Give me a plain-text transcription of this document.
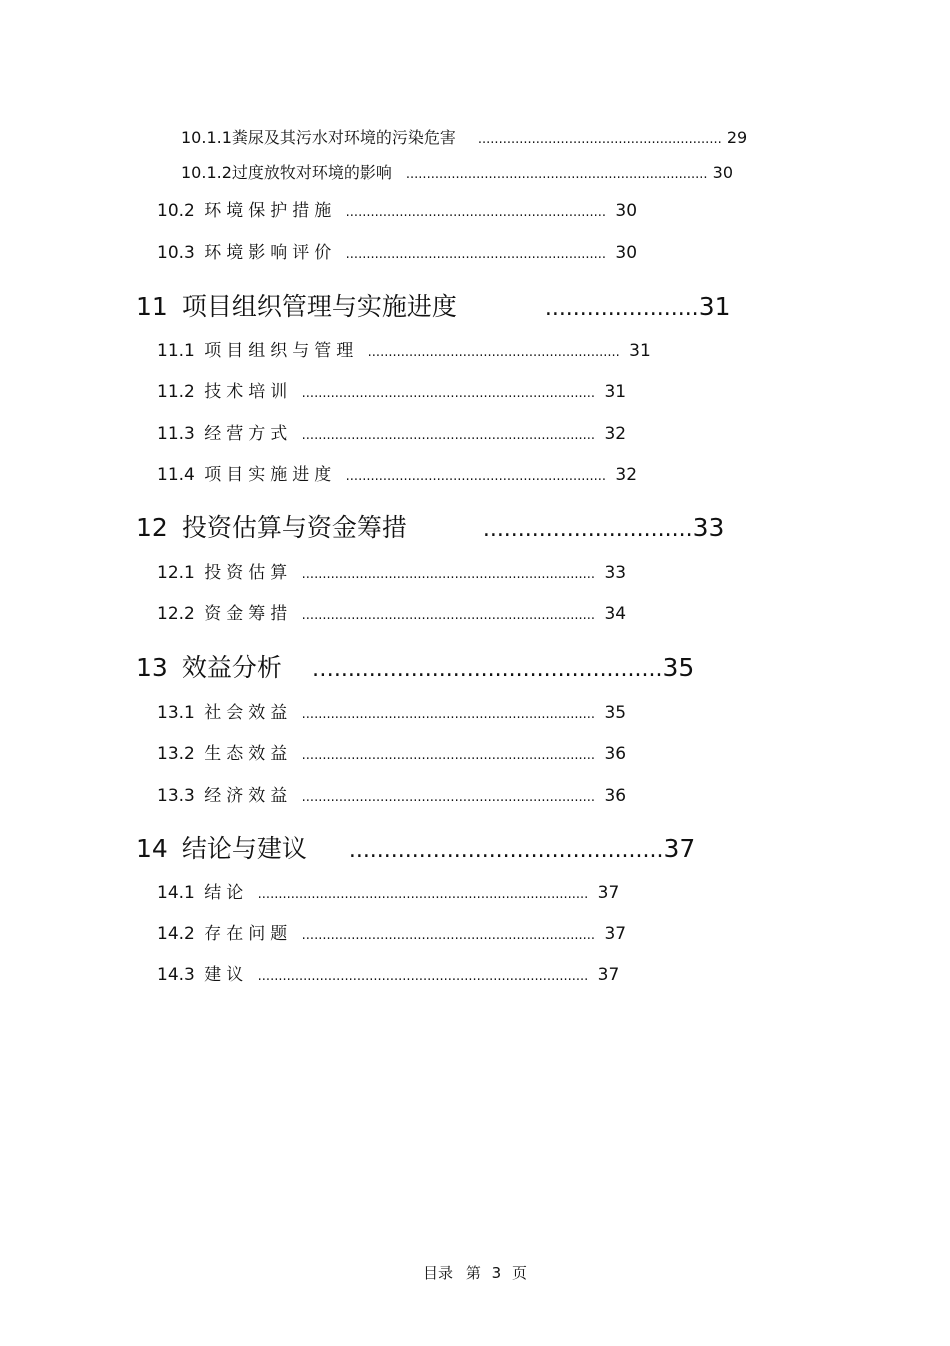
10.1.1粪尿及其污水对环境的污染危害 ........................................................... 29
10.1.2过度放牧对环境的影响 ......................................................................... 30
10.2 环境保护措施 ............................................................... 30
10.3 环境影响评价 ............................................................... 30
11 项目组织管理与实施进度	......................31
11.1 项目组织与管理 ............................................................. 31
11.2 技术培训 ....................................................................... 31
11.3 经营方式 ....................................................................... 32
11.4 项目实施进度 ............................................................... 32
12 投资估算与资金筹措	..............................33
12.1 投资估算 ....................................................................... 33
12.2 资金筹措 ....................................................................... 34
13 效益分析 …...............................................35
13.1 社会效益 ....................................................................... 35
13.2 生态效益 ....................................................................... 36
13.3 经济效益 ....................................................................... 36
14 结论与建议 .............................................37
14.1 结论 ................................................................................ 37
14.2 存在问题 ....................................................................... 37
14.3 建议 ................................................................................ 37
目录 第 3 页
